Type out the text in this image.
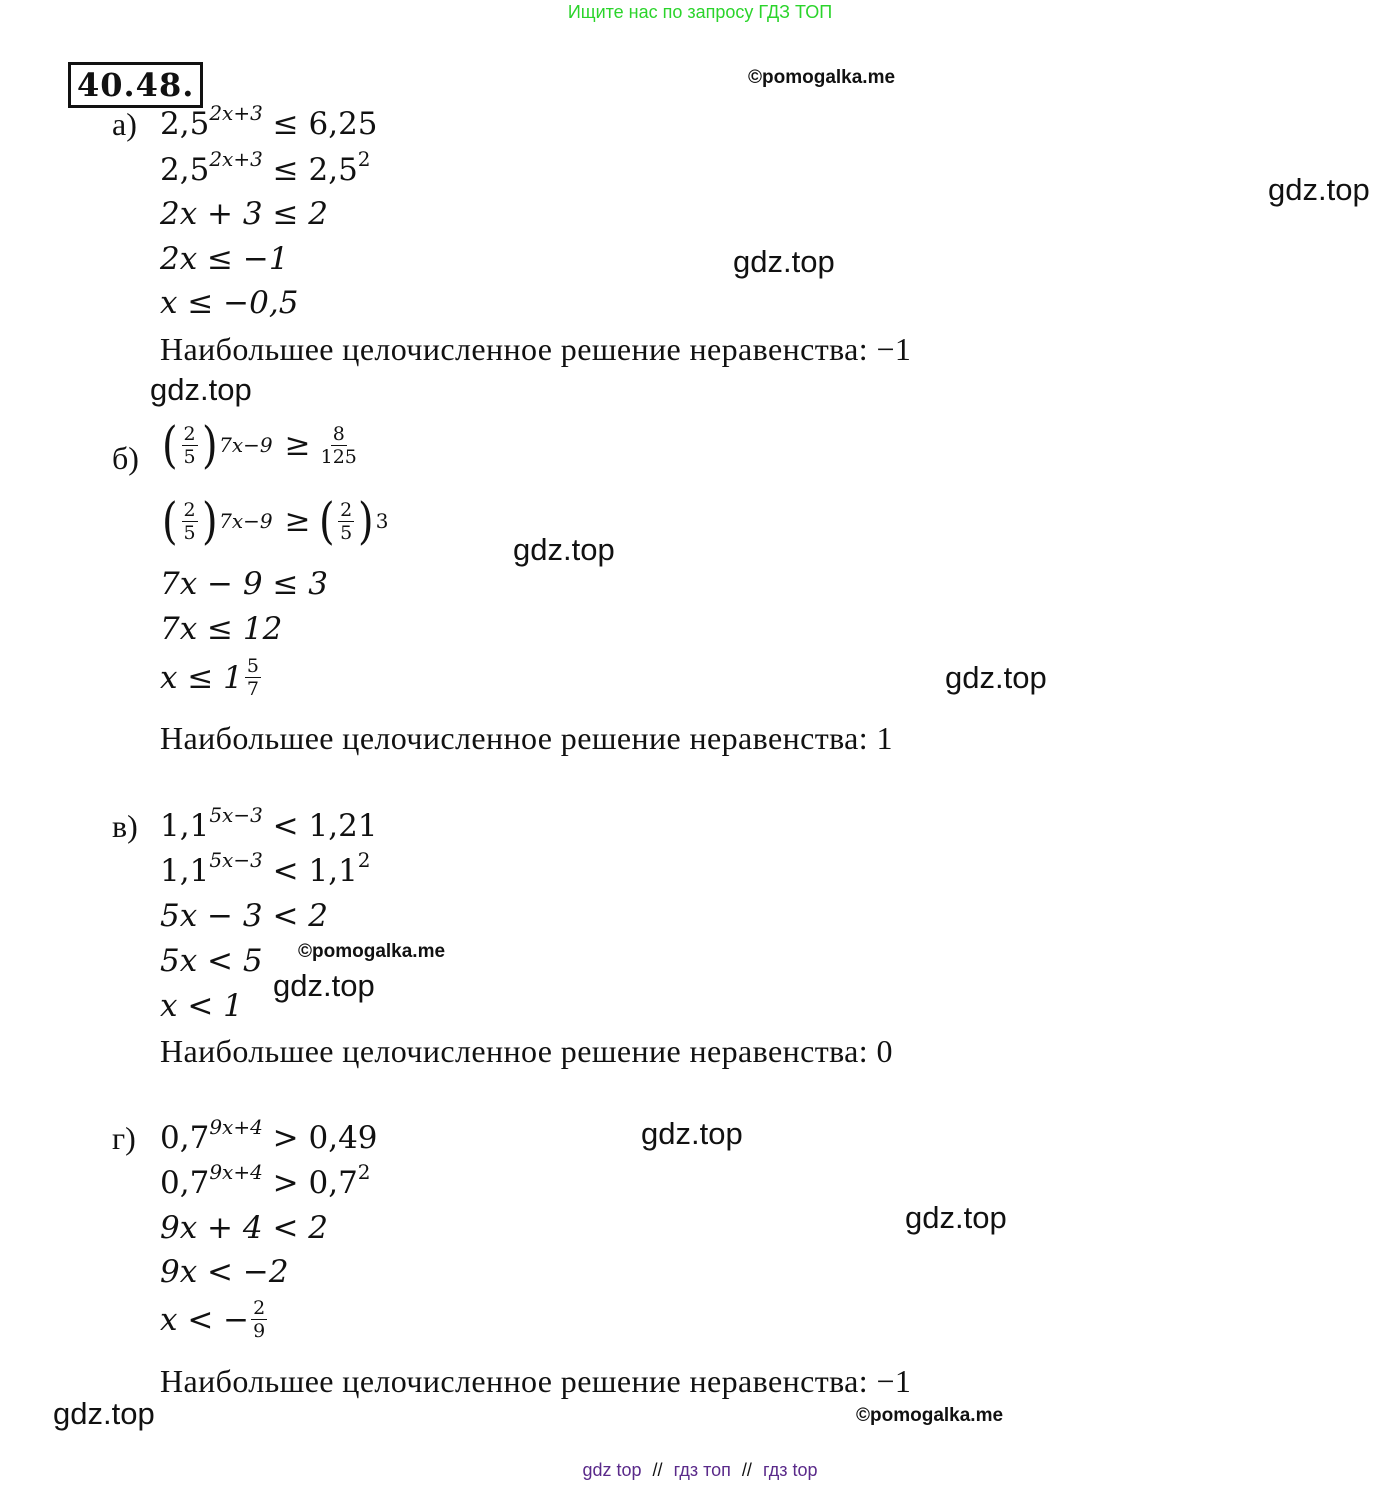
Ищите нас по запросу ГДЗ ТОП
40.48.	©pomogalka.me
gdz.top
gdz.top
gdz.top
gdz.top
gdz.top
©pomogalka.me
gdz.top
gdz.top
gdz.top
gdz.top	©pomogalka.me
а) $2,5^{2x+3} \le 6,25$
$2,5^{2x+3} \le 2,5^2$
2x + 3 ≤ 2
2x ≤ −1
x ≤ −0,5
Наибольшее целочисленное решение неравенства: −1
б) ( $\frac{2}{5}$ ) $7x-9 \ge \frac{8}{125}$
( $\frac{2}{5}$ ) 7x−9 ≥ ( $\frac{2}{5}$ ) 3
7x − 9 ≤ 3
7x ≤ 12
$x \le 1 \frac{5}{7}$
Наибольшее целочисленное решение неравенства: 1
в) $1,1^{5x-3} < 1,21$
$1,1^{5x-3} < 1,1^2$
5x − 3 < 2
5x < 5
x < 1
Наибольшее целочисленное решение неравенства: 0
г) $0,7^{9x+4} > 0,49$
$0,7^{9x+4} > 0,7^2$
9x + 4 < 2
9x < −2
x < − $\frac{2}{9}$
Наибольшее целочисленное решение неравенства: −1
gdz top // гдз топ // гдз top
